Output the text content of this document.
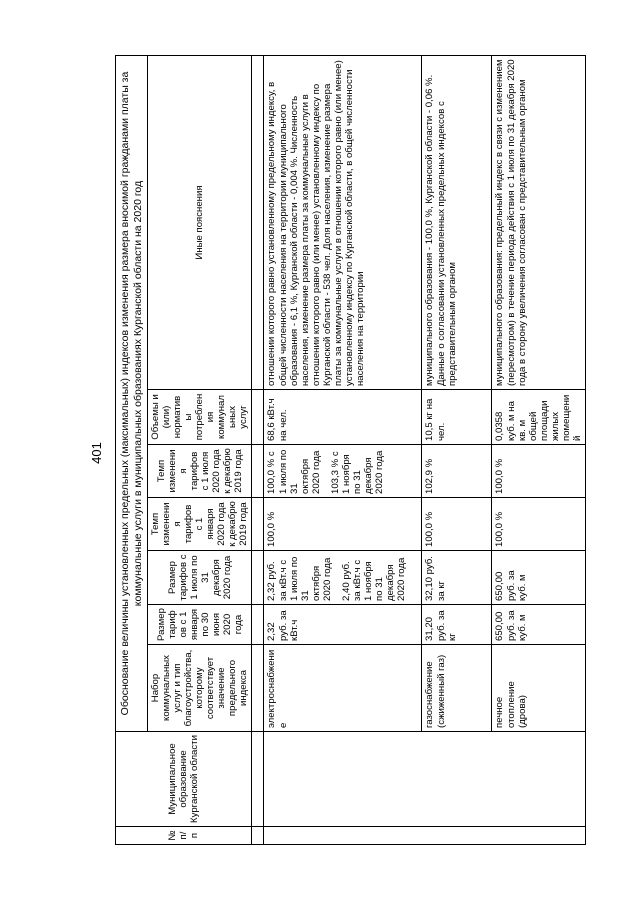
401
№ п/п	Муниципальное образование Курганской области	Обоснование величины установленных предельных (максимальных) индексов изменения размера вносимой гражданами платы за коммунальные услуги в муниципальных образованиях Курганской области на 2020 год						
		Набор коммунальных услуг и тип благоустройства, которому соответствует значение предельного индекса	Размер тарифов с 1 января по 30 июня 2020 года	Размер тарифов с 1 июля по 31 декабря 2020 года	Темп изменения тарифов с 1 января 2020 года к декабрю 2019 года	Темп изменения тарифов с 1 июля 2020 года к декабрю 2019 года	Объемы и (или) нормативы потребления коммунальных услуг	Иные пояснения

		электроснабжение	2,32 руб. за кВт.ч	2,32 руб. за кВт.ч с 1 июля по 31 октября 2020 года 2,40 руб. за кВт.ч с 1 ноября по 31 декабря 2020 года	100,0 %	100,0 % с 1 июля по 31 октября 2020 года 103,3 % с 1 ноября по 31 декабря 2020 года	68,6 кВт.ч на чел.	отношении которого равно установленному предельному индексу, в общей численности населения на территории муниципального образования - 6,1 %, Курганской области - 0,004 %. Численность населения, изменение размера платы за коммунальные услуги в отношении которого равно (или менее) установленному индексу по Курганской области - 538 чел. Доля населения, изменение размера платы за коммунальные услуги в отношении которого равно (или менее) установленному индексу по Курганской области, в общей численности населения на территории
		газоснабжение (сжиженный газ)	31,20 руб. за кг	32,10 руб. за кг	100,0 %	102,9 %	10,5 кг на чел.	муниципального образования - 100,0 %, Курганской области - 0,06 %. Данные о согласовании установленных предельных индексов с представительным органом
		печное отопление (дрова)	650,00 руб. за куб. м	650,00 руб. за куб. м	100,0 %	100,0 %	0,0358 куб. м на кв. м общей площади жилых помещений	муниципального образования: предельный индекс в связи с изменением (пересмотром) в течение периода действия с 1 июля по 31 декабря 2020 года в сторону увеличения согласован с представительным органом
